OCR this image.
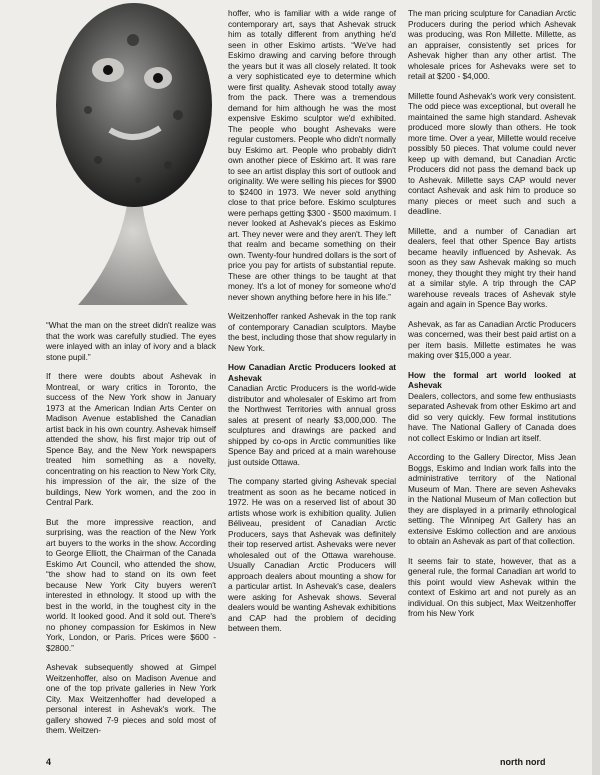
“What the man on the street didn't realize was that the work was carefully studied. The eyes were inlayed with an inlay of ivory and a black stone pupil.”

If there were doubts about Ashevak in Montreal, or wary critics in Toronto, the success of the New York show in January 1973 at the American Indian Arts Center on Madison Avenue established the Canadian artist back in his own country. Ashevak himself attended the show, his first major trip out of Spence Bay, and the New York newspapers treated him something as a novelty, concentrating on his reaction to New York City, his impression of the air, the size of the buildings, New York women, and the zoo in Central Park.

But the more impressive reaction, and surprising, was the reaction of the New York art buyers to the works in the show. According to George Elliott, the Chairman of the Canada Eskimo Art Council, who attended the show, “the show had to stand on its own feet because New York City buyers weren't interested in ethnology. It stood up with the best in the world, in the toughest city in the world. It looked good. And it sold out. There's no phoney compassion for Eskimos in New York, London, or Paris. Prices were $600 - $2800.”

Ashevak subsequently showed at Gimpel Weitzenhoffer, also on Madison Avenue and one of the top private galleries in New York City. Max Weitzenhoffer had developed a personal interest in Ashevak's work. The gallery showed 7-9 pieces and sold most of them. Weitzen-

hoffer, who is familiar with a wide range of contemporary art, says that Ashevak struck him as totally different from anything he'd seen in other Eskimo artists. “We've had Eskimo drawing and carving before through the years but it was all closely related. It took a very sophisticated eye to determine which were first quality. Ashevak stood totally away from the pack. There was a tremendous demand for him although he was the most expensive Eskimo sculptor we'd exhibited. The people who bought Ashevaks were regular customers. People who didn't normally buy Eskimo art. People who probably didn't own another piece of Eskimo art. It was rare to see an artist display this sort of outlook and originality. We were selling his pieces for $900 to $2400 in 1973. We never sold anything close to that price before. Eskimo sculptures were perhaps getting $300 - $500 maximum. I never looked at Ashevak's pieces as Eskimo art. They never were and they aren't. They left that realm and became something on their own. Twenty-four hundred dollars is the sort of price you pay for artists of substantial repute. These are other things to be taught at that money. It's a lot of money for someone who'd never shown anything before here in his life.”

Weitzenhoffer ranked Ashevak in the top rank of contemporary Canadian sculptors. Maybe the best, including those that show regularly in New York.

How Canadian Arctic Producers looked at Ashevak

Canadian Arctic Producers is the world-wide distributor and wholesaler of Eskimo art from the Northwest Territories with annual gross sales at present of nearly $3,000,000. The sculptures and drawings are packed and shipped by co-ops in Arctic communities like Spence Bay and priced at a main warehouse just outside Ottawa.

The company started giving Ashevak special treatment as soon as he became noticed in 1972. He was on a reserved list of about 30 artists whose work is exhibition quality. Julien Béliveau, president of Canadian Arctic Producers, says that Ashevak was definitely their top reserved artist. Ashevaks were never wholesaled out of the Ottawa warehouse. Usually Canadian Arctic Producers will approach dealers about mounting a show for a particular artist. In Ashevak's case, dealers were asking for Ashevak shows. Several dealers would be wanting Ashevak exhibitions and CAP had the problem of deciding between them.

The man pricing sculpture for Canadian Arctic Producers during the period which Ashevak was producing, was Ron Millette. Millette, as an appraiser, consistently set prices for Ashevak higher than any other artist. The wholesale prices for Ashevaks were set to retail at $200 - $4,000.

Millette found Ashevak's work very consistent. The odd piece was exceptional, but overall he maintained the same high standard. Ashevak produced more slowly than others. He took more time. Over a year, Millette would receive possibly 50 pieces. That volume could never keep up with demand, but Canadian Arctic Producers did not pass the demand back up to Ashevak. Millette says CAP would never contact Ashevak and ask him to produce so many pieces or meet such and such a deadline.

Millette, and a number of Canadian art dealers, feel that other Spence Bay artists became heavily influenced by Ashevak. As soon as they saw Ashevak making so much money, they thought they might try their hand at a similar style. A trip through the CAP warehouse reveals traces of Ashevak style again and again in Spence Bay works.

Ashevak, as far as Canadian Arctic Producers was concerned, was their best paid artist on a per item basis. Millette estimates he was making over $15,000 a year.

How the formal art world looked at Ashevak

Dealers, collectors, and some few enthusiasts separated Ashevak from other Eskimo art and did so very quickly. Few formal institutions have. The National Gallery of Canada does not collect Eskimo or Indian art itself.

According to the Gallery Director, Miss Jean Boggs, Eskimo and Indian work falls into the administrative territory of the National Museum of Man. There are seven Ashevaks in the National Museum of Man collection but they are displayed in a primarily ethnological setting. The Winnipeg Art Gallery has an extensive Eskimo collection and are anxious to obtain an Ashevak as part of that collection.

It seems fair to state, however, that as a general rule, the formal Canadian art world to this point would view Ashevak within the context of Eskimo art and not purely as an individual. On this subject, Max Weitzenhoffer from his New York

4	north nord
